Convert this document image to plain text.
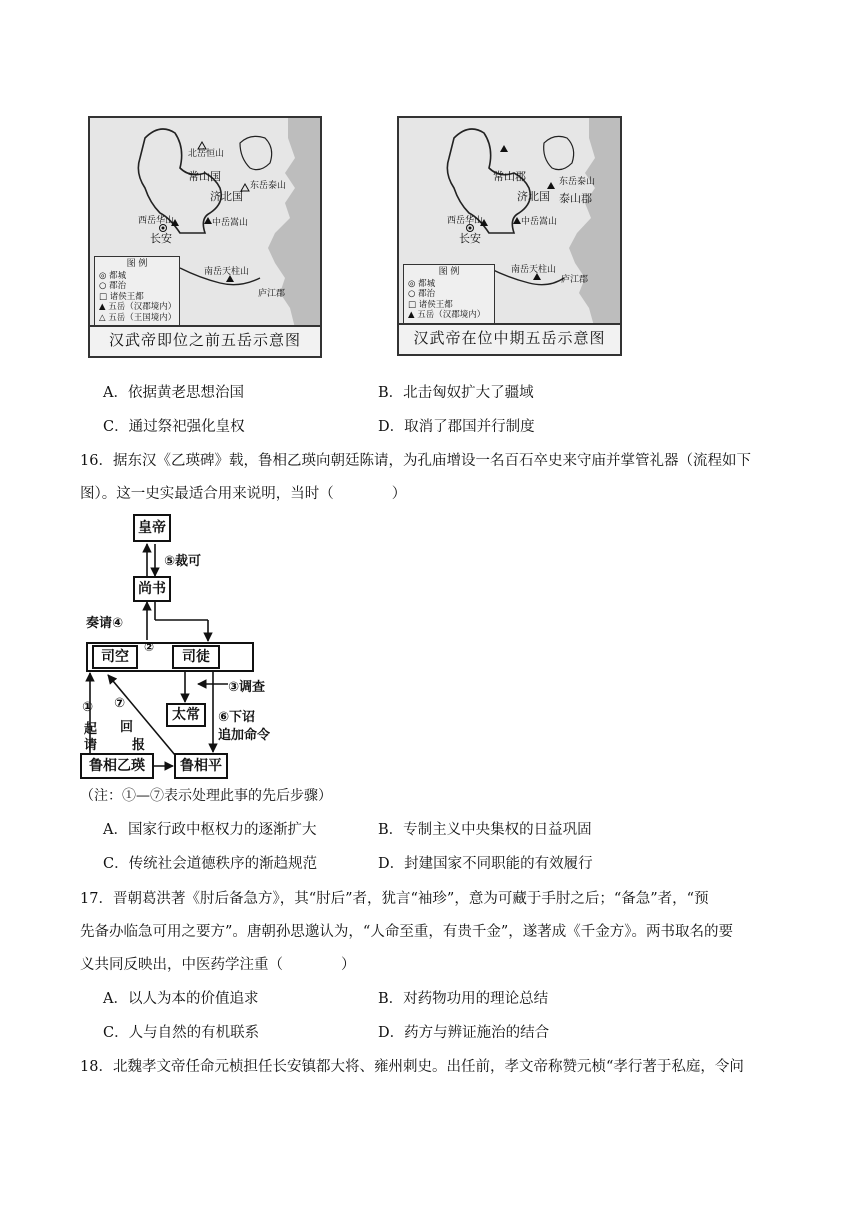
北岳恒山
常山国
济北国
东岳泰山
西岳华山	中岳嵩山
长安
南岳天柱山
庐江郡
图 例
◎ 都城
○ 郡治
□ 诸侯王都
▲ 五岳（汉郡境内）
△ 五岳（王国境内）
汉武帝即位之前五岳示意图
常山郡
济北国
东岳泰山
泰山郡
西岳华山	中岳嵩山
长安
南岳天柱山
庐江郡
图 例
◎ 都城
○ 郡治
□ 诸侯王都
▲ 五岳（汉郡境内）
汉武帝在位中期五岳示意图
A．依据黄老思想治国	B．北击匈奴扩大了疆域
C．通过祭祀强化皇权	D．取消了郡国并行制度
16．据东汉《乙瑛碑》载，鲁相乙瑛向朝廷陈请，为孔庙增设一名百石卒史来守庙并掌管礼器（流程如下
图）。这一史实最适合用来说明，当时（　　　　）
皇帝
尚书
司空	司徒
太常
鲁相乙瑛	鲁相平
⑤裁可
奏请④
②
③调查
①
起
请
⑦
回
报
⑥下诏
追加命令
（注：①—⑦表示处理此事的先后步骤）
A．国家行政中枢权力的逐渐扩大	B．专制主义中央集权的日益巩固
C．传统社会道德秩序的渐趋规范	D．封建国家不同职能的有效履行
17．晋朝葛洪著《肘后备急方》，其“肘后”者，犹言“袖珍”，意为可藏于手肘之后；“备急”者，“预
先备办临急可用之要方”。唐朝孙思邈认为，“人命至重，有贵千金”，遂著成《千金方》。两书取名的要
义共同反映出，中医药学注重（　　　　）
A．以人为本的价值追求	B．对药物功用的理论总结
C．人与自然的有机联系	D．药方与辨证施治的结合
18．北魏孝文帝任命元桢担任长安镇都大将、雍州刺史。出任前，孝文帝称赞元桢“孝行著于私庭，令问
